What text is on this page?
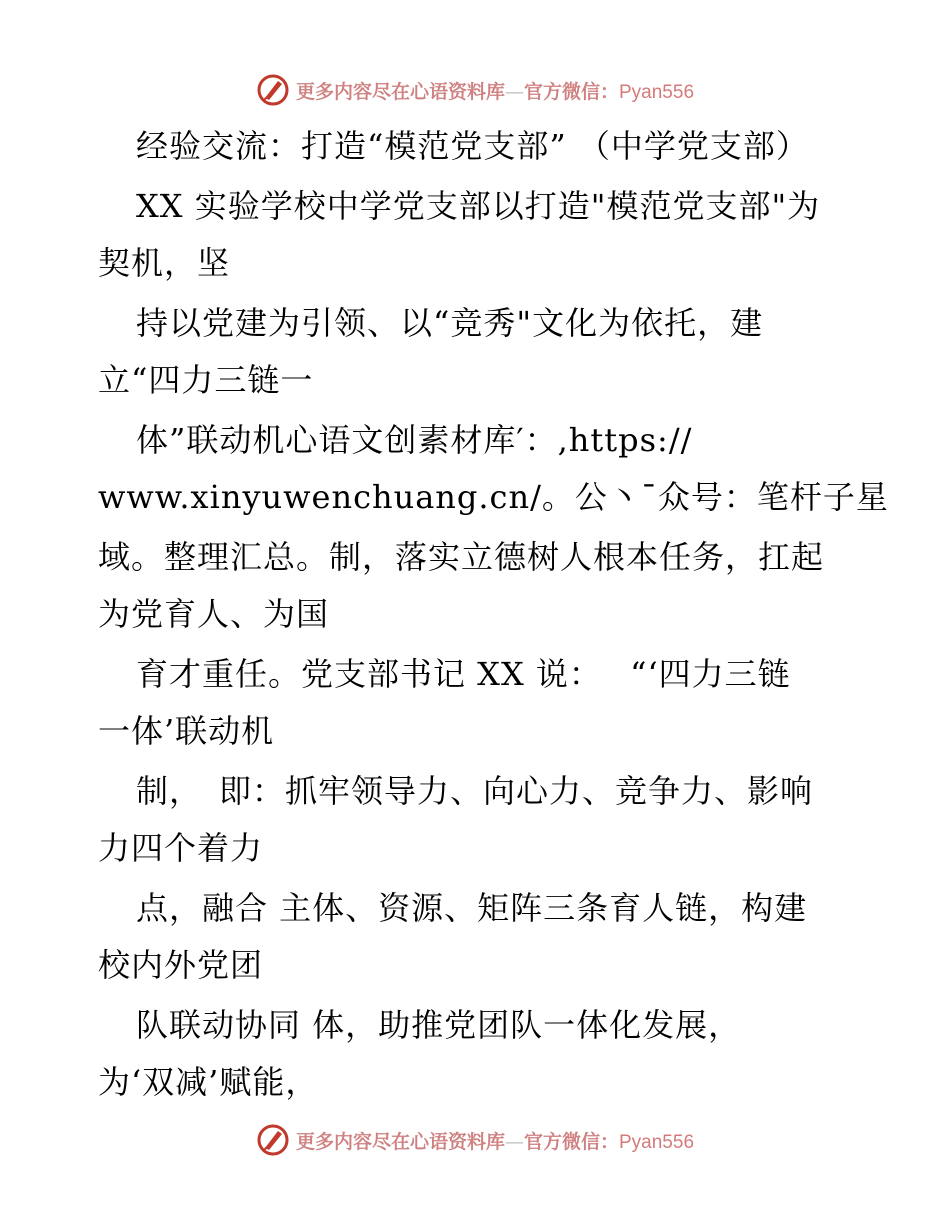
更多内容尽在心语资料库—官方微信：Pyan556
经验交流：打造“模范党支部” （中学党支部）
XX 实验学校中学党支部以打造"模范党支部"为
契机，坚
持以党建为引领、以“竞秀"文化为依托，建
立“四力三链一
体”联动机心语文创素材库′：,https://
www.xinyuwenchuang.cn/。公丶¯众号：笔杆子星
域。整理汇总。制，落实立德树人根本任务，扛起
为党育人、为国
育才重任。党支部书记 XX 说：　 “‘四力三链
一体’联动机
制，　即：抓牢领导力、向心力、竞争力、影响
力四个着力
点，融合 主体、资源、矩阵三条育人链，构建
校内外党团
队联动协同 体，助推党团队一体化发展，
为‘双减’赋能，
更多内容尽在心语资料库—官方微信：Pyan556
